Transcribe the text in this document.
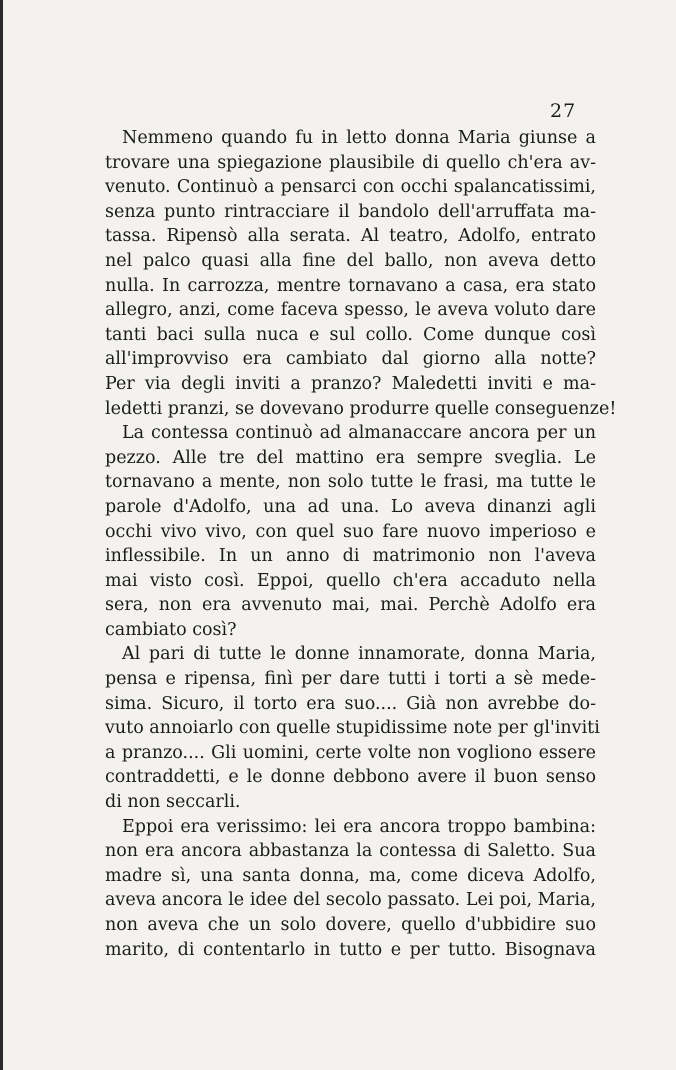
27
Nemmeno quando fu in letto donna Maria giunse a
trovare una spiegazione plausibile di quello ch'era av-
venuto. Continuò a pensarci con occhi spalancatissimi,
senza punto rintracciare il bandolo dell'arruffata ma-
tassa. Ripensò alla serata. Al teatro, Adolfo, entrato
nel palco quasi alla fine del ballo, non aveva detto
nulla. In carrozza, mentre tornavano a casa, era stato
allegro, anzi, come faceva spesso, le aveva voluto dare
tanti baci sulla nuca e sul collo. Come dunque così
all'improvviso era cambiato dal giorno alla notte?
Per via degli inviti a pranzo? Maledetti inviti e ma-
ledetti pranzi, se dovevano produrre quelle conseguenze!
La contessa continuò ad almanaccare ancora per un
pezzo. Alle tre del mattino era sempre sveglia. Le
tornavano a mente, non solo tutte le frasi, ma tutte le
parole d'Adolfo, una ad una. Lo aveva dinanzi agli
occhi vivo vivo, con quel suo fare nuovo imperioso e
inflessibile. In un anno di matrimonio non l'aveva
mai visto così. Eppoi, quello ch'era accaduto nella
sera, non era avvenuto mai, mai. Perchè Adolfo era
cambiato così?
Al pari di tutte le donne innamorate, donna Maria,
pensa e ripensa, finì per dare tutti i torti a sè mede-
sima. Sicuro, il torto era suo.... Già non avrebbe do-
vuto annoiarlo con quelle stupidissime note per gl'inviti
a pranzo.... Gli uomini, certe volte non vogliono essere
contraddetti, e le donne debbono avere il buon senso
di non seccarli.
Eppoi era verissimo: lei era ancora troppo bambina:
non era ancora abbastanza la contessa di Saletto. Sua
madre sì, una santa donna, ma, come diceva Adolfo,
aveva ancora le idee del secolo passato. Lei poi, Maria,
non aveva che un solo dovere, quello d'ubbidire suo
marito, di contentarlo in tutto e per tutto. Bisognava
